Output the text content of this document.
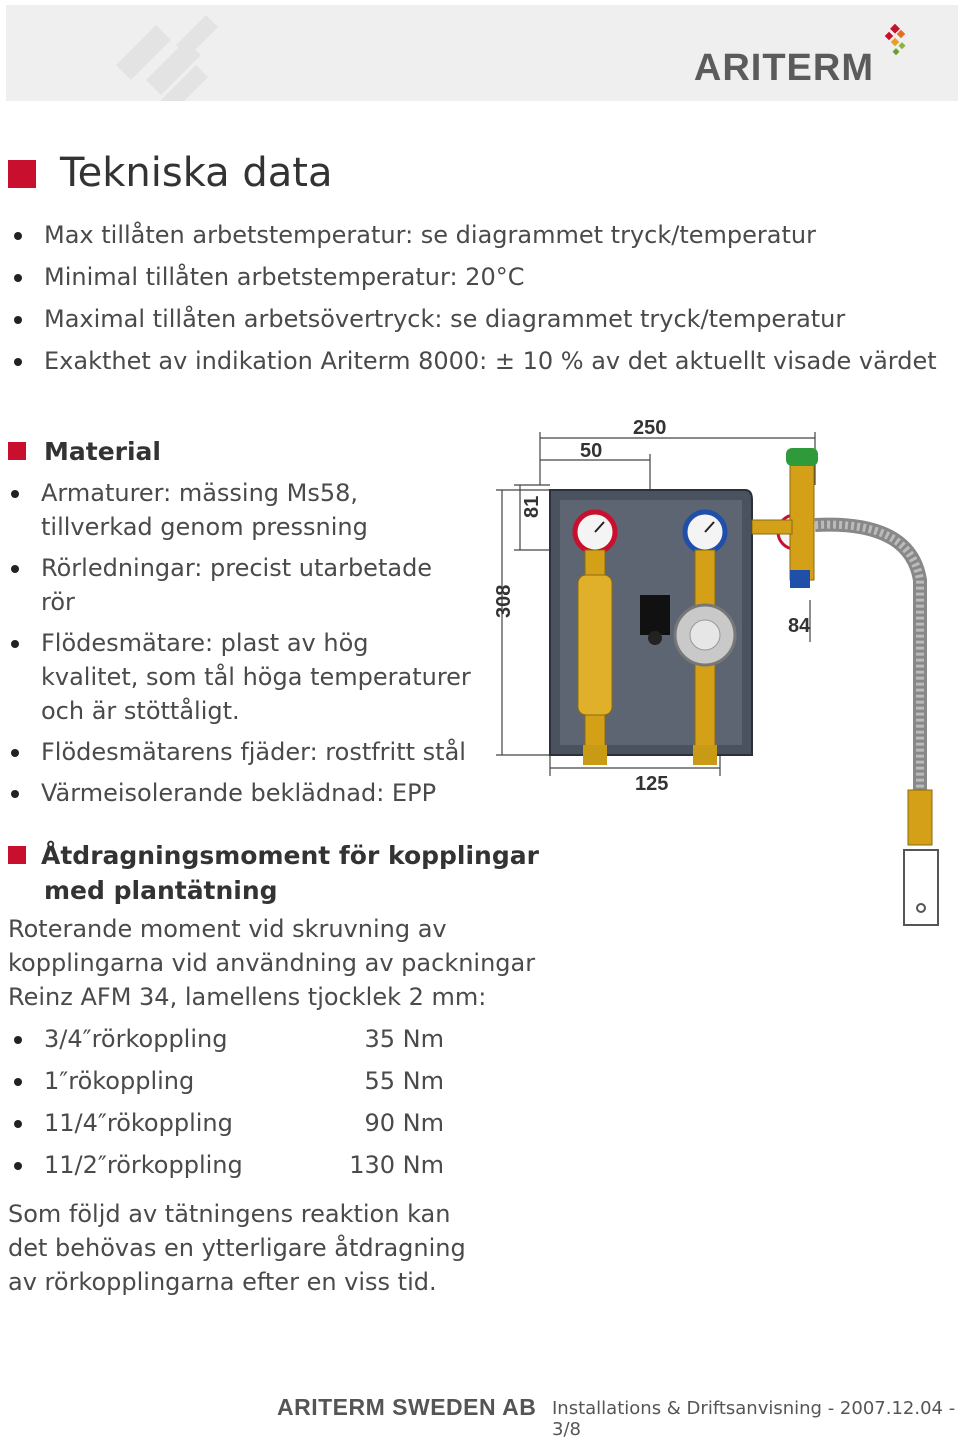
ARITERM
Tekniska data
Max tillåten arbetstemperatur: se diagrammet tryck/temperatur
Minimal tillåten arbetstemperatur: 20°C
Maximal tillåten arbetsövertryck: se diagrammet tryck/temperatur
Exakthet av indikation Ariterm 8000: ± 10 % av det aktuellt visade värdet
Material
Armaturer: mässing Ms58, tillverkad genom pressning
Rörledningar: precist utarbetade rör
Flödesmätare: plast av hög kvalitet, som tål höga temperaturer och är stöttåligt.
Flödesmätarens fjäder: rostfritt stål
Värmeisolerande beklädnad: EPP
250
50
81
308
84
125
Åtdragningsmoment för kopplingar
med plantätning

Roterande moment vid skruvning av

kopplingarna vid användning av packningar

Reinz AFM 34, lamellens tjocklek 2 mm:

3/4″rörkoppling	35 Nm
1″rökoppling	55 Nm
11/4″rökoppling	90 Nm
11/2″rörkoppling	130 Nm

Som följd av tätningens reaktion kan

det behövas en ytterligare åtdragning

av rörkopplingarna efter en viss tid.

ARITERM SWEDEN AB Installations & Driftsanvisning - 2007.12.04 - 3/8
